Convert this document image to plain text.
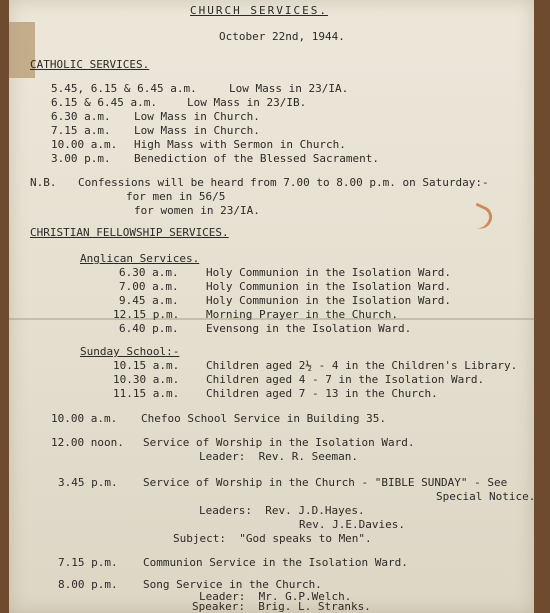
CHURCH SERVICES.
October 22nd, 1944.
CATHOLIC SERVICES.
5.45, 6.15 & 6.45 a.m.	Low Mass in 23/IA.
6.15 & 6.45 a.m.	Low Mass in 23/IB.
6.30 a.m. Low Mass in Church.
7.15 a.m. Low Mass in Church.
10.00 a.m. High Mass with Sermon in Church.
3.00 p.m. Benediction of the Blessed Sacrament.
N.B. Confessions will be heard from 7.00 to 8.00 p.m. on Saturday:-
for men in 56/5
for women in 23/IA.
CHRISTIAN FELLOWSHIP SERVICES.
Anglican Services.
6.30 a.m. Holy Communion in the Isolation Ward.
7.00 a.m. Holy Communion in the Isolation Ward.
9.45 a.m. Holy Communion in the Isolation Ward.
12.15 p.m. Morning Prayer in the Church.
6.40 p.m. Evensong in the Isolation Ward.
Sunday School:-
10.15 a.m. Children aged 2½ - 4 in the Children's Library.
10.30 a.m. Children aged 4 - 7 in the Isolation Ward.
11.15 a.m. Children aged 7 - 13 in the Church.
10.00 a.m. Chefoo School Service in Building 35.
12.00 noon. Service of Worship in the Isolation Ward.
Leader:  Rev. R. Seeman.
3.45 p.m. Service of Worship in the Church - "BIBLE SUNDAY" - See
Special Notice.
Leaders:  Rev. J.D.Hayes.
Rev. J.E.Davies.
Subject:  "God speaks to Men".
7.15 p.m. Communion Service in the Isolation Ward.
8.00 p.m. Song Service in the Church.
Leader:  Mr. G.P.Welch.
Speaker:  Brig. L. Stranks.
